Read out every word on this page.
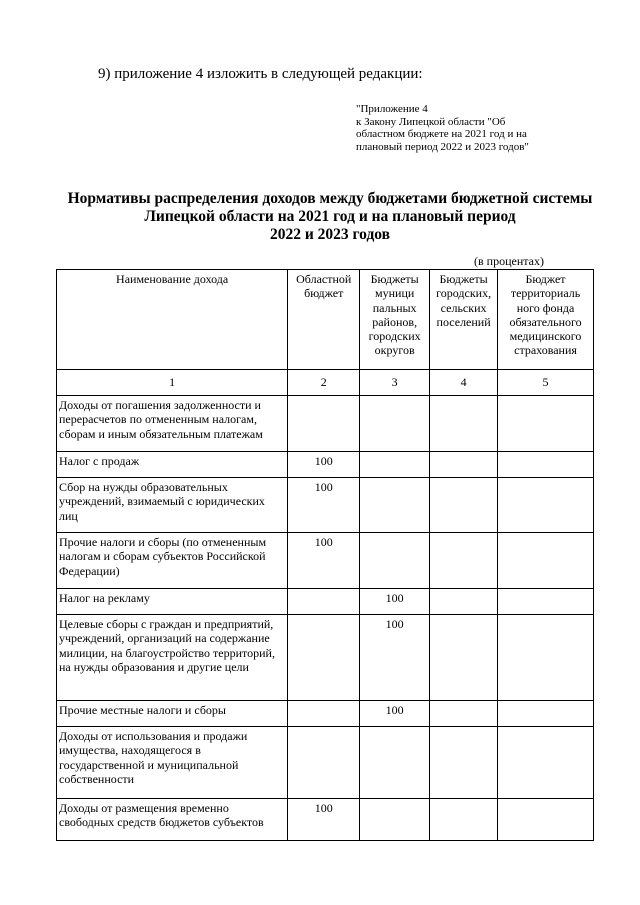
9) приложение 4 изложить в следующей редакции:
"Приложение 4
к Закону Липецкой области "Об
областном бюджете на 2021 год и на
плановый период 2022 и 2023 годов"
Нормативы распределения доходов между бюджетами бюджетной системы
Липецкой области на 2021 год и на плановый период
2022 и 2023 годов
(в процентах)
Наименование дохода	Областной бюджет	Бюджеты муници пальных районов, городских округов	Бюджеты городских, сельских поселений	Бюджет территориаль ного фонда обязательного медицинского страхования
1	2	3	4	5
Доходы от погашения задолженности и перерасчетов по отмененным налогам, сборам и иным обязательным платежам				
Налог с продаж	100			
Сбор на нужды образовательных учреждений, взимаемый с юридических лиц	100			
Прочие налоги и сборы (по отмененным налогам и сборам субъектов Российской Федерации)	100			
Налог на рекламу		100		
Целевые сборы с граждан и предприятий, учреждений, организаций на содержание милиции, на благоустройство территорий, на нужды образования и другие цели		100		
Прочие местные налоги и сборы		100		
Доходы от использования и продажи имущества, находящегося в государственной и муниципальной собственности				
Доходы от размещения временно свободных средств бюджетов субъектов	100			
